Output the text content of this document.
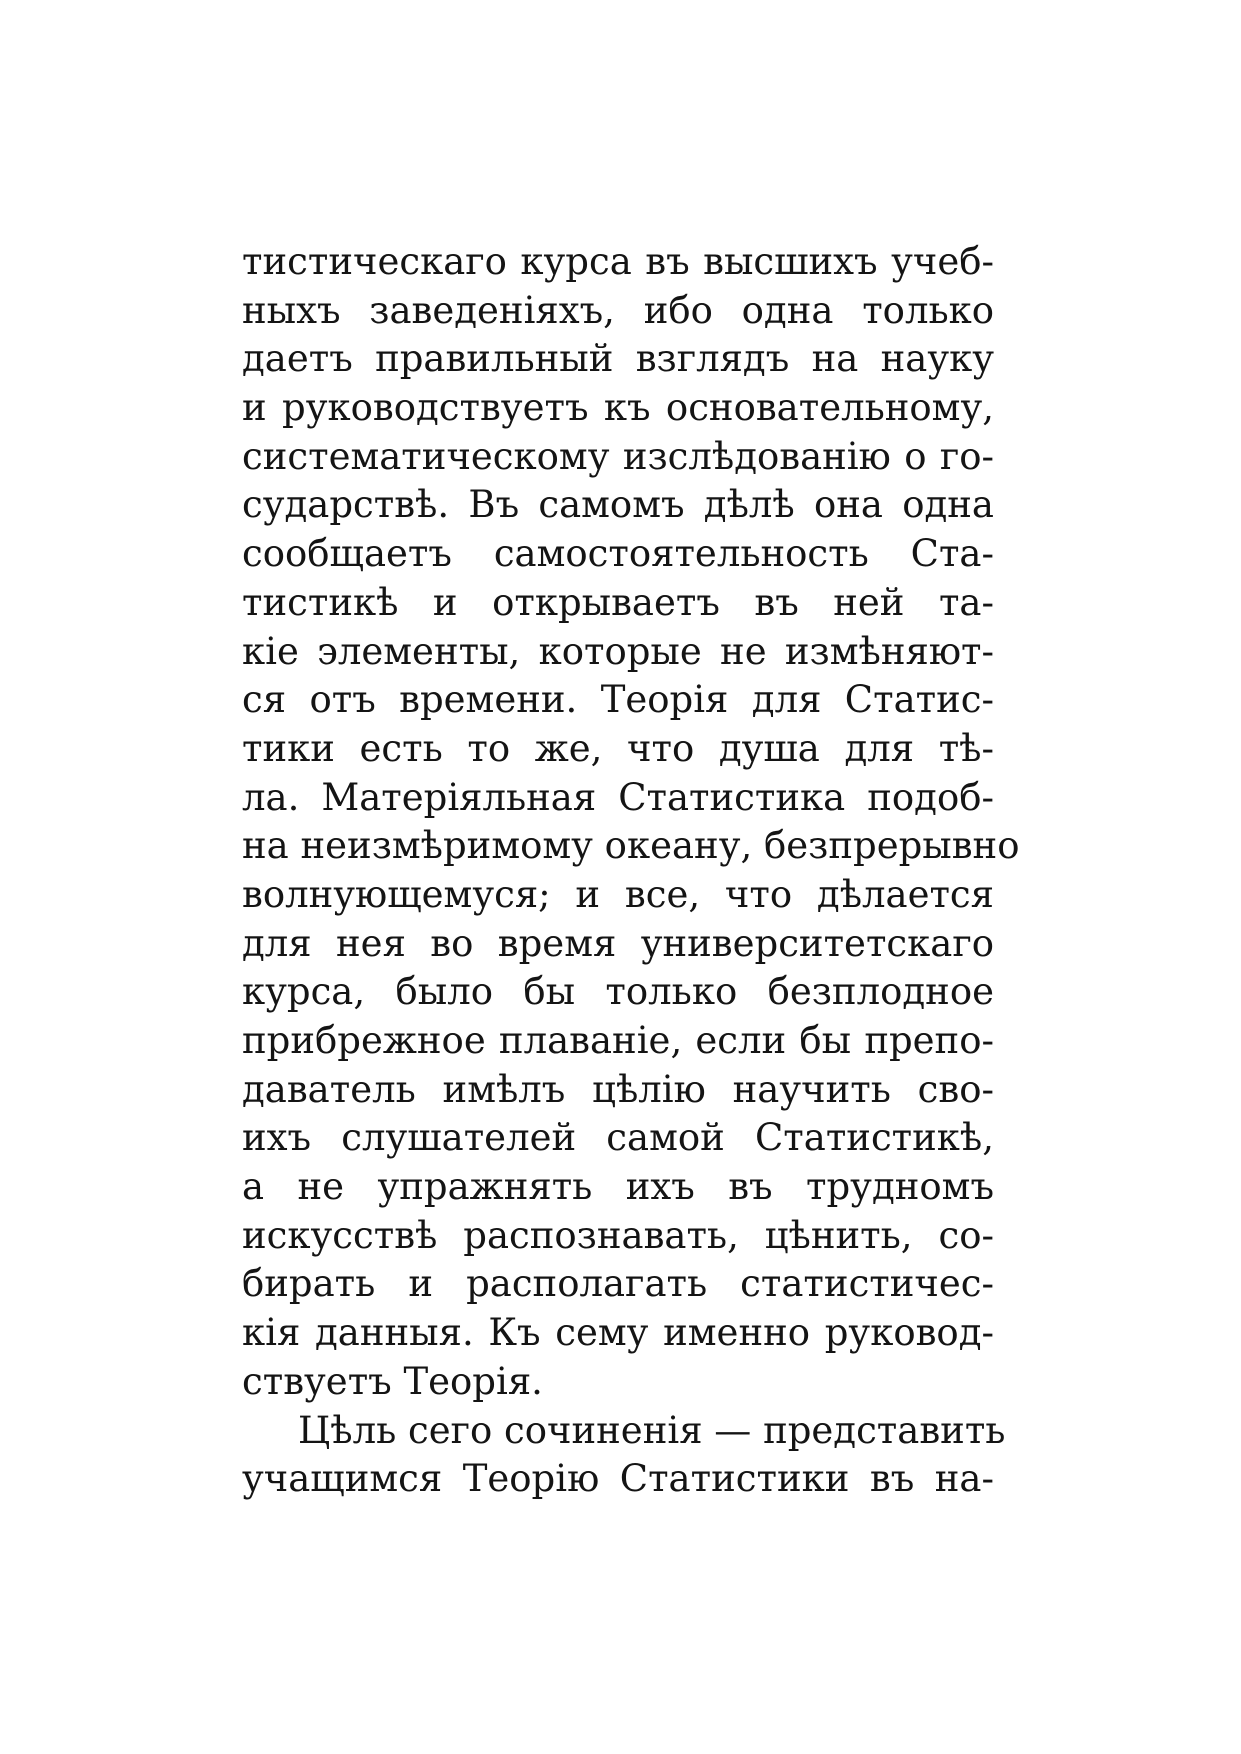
тистическаго курса въ высшихъ учеб-
ныхъ заведеніяхъ, ибо одна только
даетъ правильный взглядъ на науку
и руководствуетъ къ основательному,
систематическому изслѣдованію о го-
сударствѣ. Въ самомъ дѣлѣ она одна
сообщаетъ самостоятельность Ста-
тистикѣ и открываетъ въ ней та-
кіе элементы, которые не измѣняют-
ся отъ времени. Теорія для Статис-
тики есть то же, что душа для тѣ-
ла. Матеріяльная Статистика подоб-
на неизмѣримому океану, безпрерывно
волнующемуся; и все, что дѣлается
для нея во время университетскаго
курса, было бы только безплодное
прибрежное плаваніе, если бы препо-
даватель имѣлъ цѣлію научить сво-
ихъ слушателей самой Статистикѣ,
а не упражнять ихъ въ трудномъ
искусствѣ распознавать, цѣнить, со-
бирать и располагать статистичес-
кія данныя. Къ сему именно руковод-
ствуетъ Теорія.
Цѣль сего сочиненія — представить
учащимся Теорію Статистики въ на-
